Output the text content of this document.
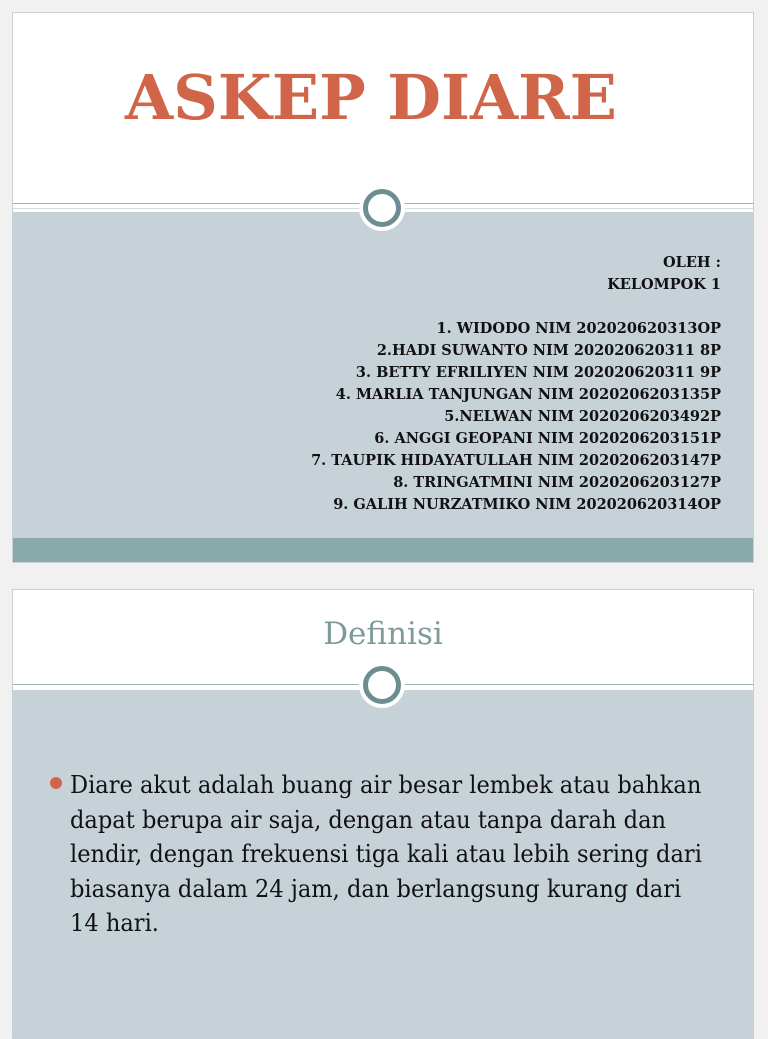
ASKEP DIARE
OLEH :
KELOMPOK 1
1. WIDODO NIM 202020620313OP
2.HADI SUWANTO NIM 202020620311 8P
3. BETTY EFRILIYEN NIM 202020620311 9P
4. MARLIA TANJUNGAN NIM 2020206203135P
5.NELWAN NIM 2020206203492P
6. ANGGI GEOPANI NIM 2020206203151P
7. TAUPIK HIDAYATULLAH NIM 2020206203147P
8. TRINGATMINI NIM 2020206203127P
9. GALIH NURZATMIKO NIM 202020620314OP
Definisi
Diare akut adalah buang air besar lembek atau bahkan dapat berupa air saja, dengan atau tanpa darah dan lendir, dengan frekuensi tiga kali atau lebih sering dari biasanya dalam 24 jam, dan berlangsung kurang dari 14 hari.
